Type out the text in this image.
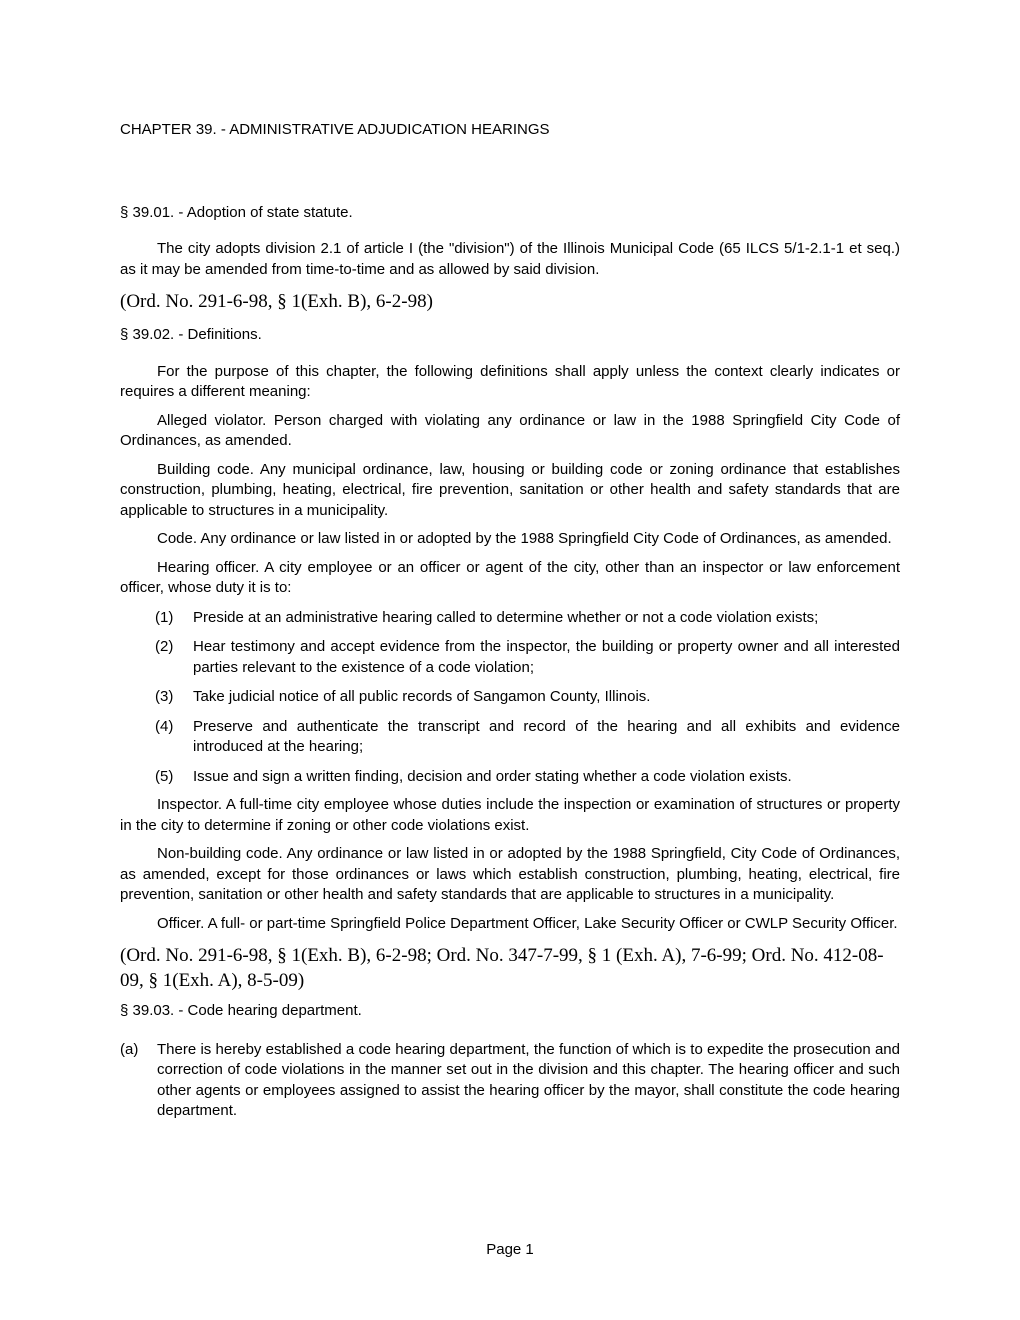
CHAPTER 39. - ADMINISTRATIVE ADJUDICATION HEARINGS
§ 39.01. - Adoption of state statute.

The city adopts division 2.1 of article I (the "division") of the Illinois Municipal Code (65 ILCS 5/1-2.1-1 et seq.) as it may be amended from time-to-time and as allowed by said division.

(Ord. No. 291-6-98, § 1(Exh. B), 6-2-98)

§ 39.02. - Definitions.

For the purpose of this chapter, the following definitions shall apply unless the context clearly indicates or requires a different meaning:

Alleged violator. Person charged with violating any ordinance or law in the 1988 Springfield City Code of Ordinances, as amended.

Building code. Any municipal ordinance, law, housing or building code or zoning ordinance that establishes construction, plumbing, heating, electrical, fire prevention, sanitation or other health and safety standards that are applicable to structures in a municipality.

Code. Any ordinance or law listed in or adopted by the 1988 Springfield City Code of Ordinances, as amended.

Hearing officer. A city employee or an officer or agent of the city, other than an inspector or law enforcement officer, whose duty it is to:

(1)	Preside at an administrative hearing called to determine whether or not a code violation exists;
(2)	Hear testimony and accept evidence from the inspector, the building or property owner and all interested parties relevant to the existence of a code violation;
(3)	Take judicial notice of all public records of Sangamon County, Illinois.
(4)	Preserve and authenticate the transcript and record of the hearing and all exhibits and evidence introduced at the hearing;
(5)	Issue and sign a written finding, decision and order stating whether a code violation exists.

Inspector. A full-time city employee whose duties include the inspection or examination of structures or property in the city to determine if zoning or other code violations exist.

Non-building code. Any ordinance or law listed in or adopted by the 1988 Springfield, City Code of Ordinances, as amended, except for those ordinances or laws which establish construction, plumbing, heating, electrical, fire prevention, sanitation or other health and safety standards that are applicable to structures in a municipality.

Officer. A full- or part-time Springfield Police Department Officer, Lake Security Officer or CWLP Security Officer.

(Ord. No. 291-6-98, § 1(Exh. B), 6-2-98; Ord. No. 347-7-99, § 1 (Exh. A), 7-6-99; Ord. No. 412-08-09, § 1(Exh. A), 8-5-09)

§ 39.03. - Code hearing department.
(a)	There is hereby established a code hearing department, the function of which is to expedite the prosecution and correction of code violations in the manner set out in the division and this chapter. The hearing officer and such other agents or employees assigned to assist the hearing officer by the mayor, shall constitute the code hearing department.
Page 1
